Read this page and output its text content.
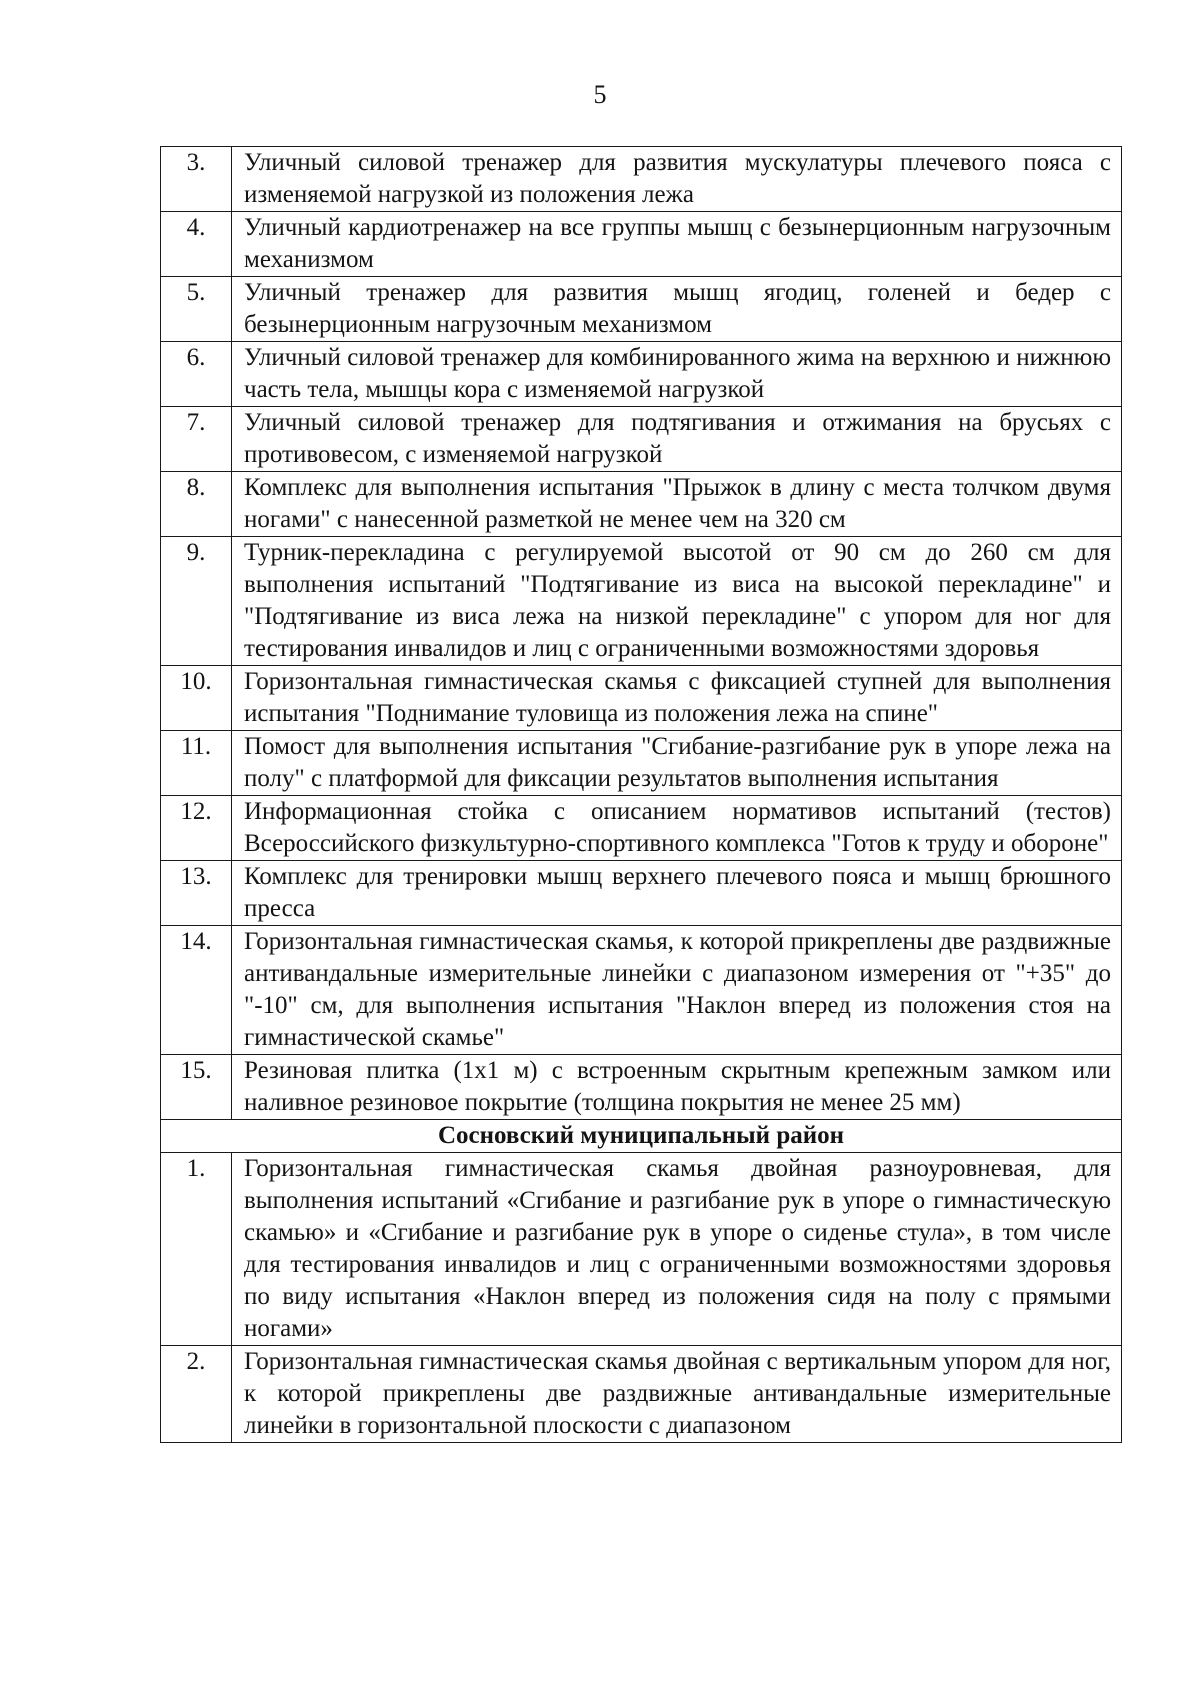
5
3.	Уличный силовой тренажер для развития мускулатуры плечевого пояса с изменяемой нагрузкой из положения лежа
4.	Уличный кардиотренажер на все группы мышц с безынерционным нагрузочным механизмом
5.	Уличный тренажер для развития мышц ягодиц, голеней и бедер с безынерционным нагрузочным механизмом
6.	Уличный силовой тренажер для комбинированного жима на верхнюю и нижнюю часть тела, мышцы кора с изменяемой нагрузкой
7.	Уличный силовой тренажер для подтягивания и отжимания на брусьях с противовесом, с изменяемой нагрузкой
8.	Комплекс для выполнения испытания "Прыжок в длину с места толчком двумя ногами" с нанесенной разметкой не менее чем на 320 см
9.	Турник-перекладина с регулируемой высотой от 90 см до 260 см для выполнения испытаний "Подтягивание из виса на высокой перекладине" и "Подтягивание из виса лежа на низкой перекладине" с упором для ног для тестирования инвалидов и лиц с ограниченными возможностями здоровья
10.	Горизонтальная гимнастическая скамья с фиксацией ступней для выполнения испытания "Поднимание туловища из положения лежа на спине"
11.	Помост для выполнения испытания "Сгибание-разгибание рук в упоре лежа на полу" с платформой для фиксации результатов выполнения испытания
12.	Информационная стойка с описанием нормативов испытаний (тестов) Всероссийского физкультурно-спортивного комплекса "Готов к труду и обороне"
13.	Комплекс для тренировки мышц верхнего плечевого пояса и мышц брюшного пресса
14.	Горизонтальная гимнастическая скамья, к которой прикреплены две раздвижные антивандальные измерительные линейки с диапазоном измерения от "+35" до "-10" см, для выполнения испытания "Наклон вперед из положения стоя на гимнастической скамье"
15.	Резиновая плитка (1х1 м) с встроенным скрытным крепежным замком или наливное резиновое покрытие (толщина покрытия не менее 25 мм)
Сосновский муниципальный район	
1.	Горизонтальная гимнастическая скамья двойная разноуровневая, для выполнения испытаний «Сгибание и разгибание рук в упоре о гимнастическую скамью» и «Сгибание и разгибание рук в упоре о сиденье стула», в том числе для тестирования инвалидов и лиц с ограниченными возможностями здоровья по виду испытания «Наклон вперед из положения сидя на полу с прямыми ногами»
2.	Горизонтальная гимнастическая скамья двойная с вертикальным упором для ног, к которой прикреплены две раздвижные антивандальные измерительные линейки в горизонтальной плоскости с диапазоном
